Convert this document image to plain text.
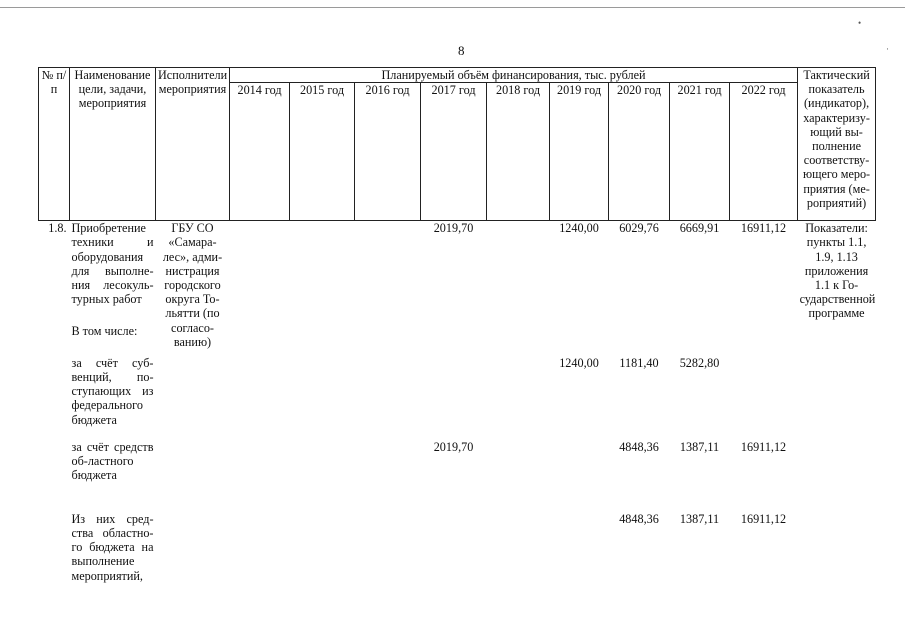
8
№ п/п	Наименование цели, задачи, мероприятия	Исполнители мероприятия	Планируемый объём финансирования, тыс. рублей									Тактический показатель (индикатор), характеризу-ющий вы-полнение соответству-ющего меро-приятия (ме-роприятий)
			2014 год	2015 год	2016 год	2017 год	2018 год	2019 год	2020 год	2021 год	2022 год	
1.8.	Приобретение техники и оборудования для выполне-ния лесокуль-турных работ	ГБУ СО «Самара-лес», адми-нистрация городского округа То-льятти (по согласо-ванию)				2019,70		1240,00	6029,76	6669,91	16911,12	Показатели: пункты 1.1, 1.9, 1.13 приложения 1.1 к Го-сударственной программе
	В том числе:											
	за счёт суб-венций, по-ступающих из федерального бюджета							1240,00	1181,40	5282,80		
	за счёт средств об-ластного бюджета					2019,70			4848,36	1387,11	16911,12	
	Из них сред-ства областно-го бюджета на выполнение мероприятий,								4848,36	1387,11	16911,12	
•
·
